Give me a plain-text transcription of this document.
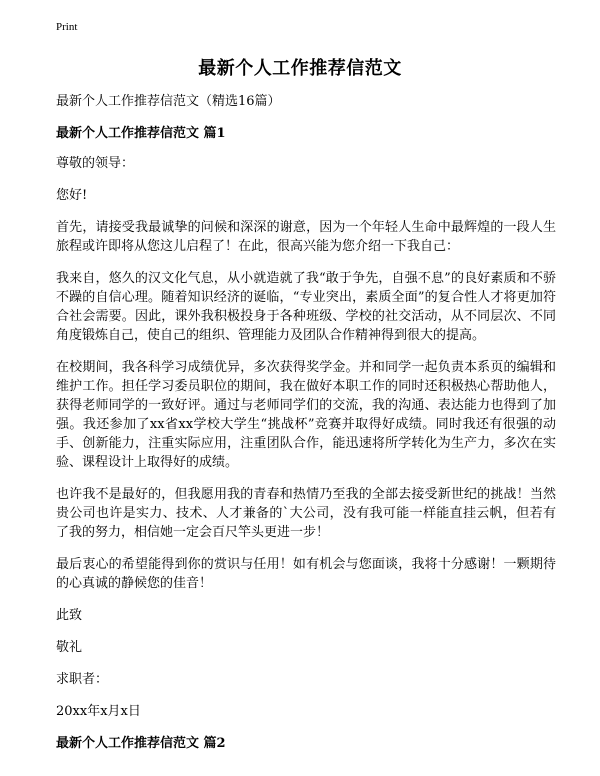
Print
最新个人工作推荐信范文

最新个人工作推荐信范文（精选16篇）

最新个人工作推荐信范文 篇1

尊敬的领导：

您好!

首先，请接受我最诚挚的问候和深深的谢意，因为一个年轻人生命中最辉煌的一段人生旅程或许即将从您这儿启程了！在此，很高兴能为您介绍一下我自己：

我来自，悠久的汉文化气息，从小就造就了我“敢于争先，自强不息”的良好素质和不骄不躁的自信心理。随着知识经济的诞临，“专业突出，素质全面”的复合性人才将更加符合社会需要。因此，课外我积极投身于各种班级、学校的社交活动，从不同层次、不同角度锻炼自己，使自己的组织、管理能力及团队合作精神得到很大的提高。

在校期间，我各科学习成绩优异，多次获得奖学金。并和同学一起负责本系页的编辑和维护工作。担任学习委员职位的期间，我在做好本职工作的同时还积极热心帮助他人，获得老师同学的一致好评。通过与老师同学们的交流，我的沟通、表达能力也得到了加强。我还参加了xx省xx学校大学生“挑战杯”竞赛并取得好成绩。同时我还有很强的动手、创新能力，注重实际应用，注重团队合作，能迅速将所学转化为生产力，多次在实验、课程设计上取得好的成绩。

也许我不是最好的，但我愿用我的青春和热情乃至我的全部去接受新世纪的挑战！当然贵公司也许是实力、技术、人才兼备的`大公司，没有我可能一样能直挂云帆，但若有了我的努力，相信她一定会百尺竿头更进一步！

最后衷心的希望能得到你的赏识与任用！如有机会与您面谈，我将十分感谢！一颗期待的心真诚的静候您的佳音！

此致

敬礼

求职者：

20xx年x月x日

最新个人工作推荐信范文 篇2
